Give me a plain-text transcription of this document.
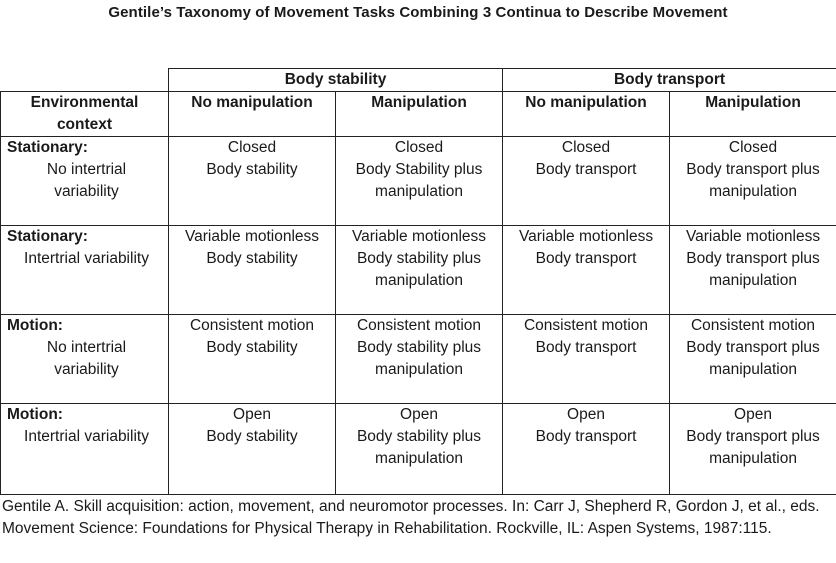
Gentile’s Taxonomy of Movement Tasks Combining 3 Continua to Describe Movement
	Body stability		Body transport	

Environmental
context	No manipulation	Manipulation	No manipulation	Manipulation

Stationary:
No intertrial
variability	Closed
Body stability	Closed
Body Stability plus
manipulation	Closed
Body transport	Closed
Body transport plus
manipulation

Stationary:
Intertrial variability	Variable motionless
Body stability	Variable motionless
Body stability plus
manipulation	Variable motionless
Body transport	Variable motionless
Body transport plus
manipulation

Motion:
No intertrial
variability	Consistent motion
Body stability	Consistent motion
Body stability plus
manipulation	Consistent motion
Body transport	Consistent motion
Body transport plus
manipulation

Motion:
Intertrial variability	Open
Body stability	Open
Body stability plus
manipulation	Open
Body transport	Open
Body transport plus
manipulation
Gentile A. Skill acquisition: action, movement, and neuromotor processes. In: Carr J, Shepherd R, Gordon J, et al., eds. Movement Science: Foundations for Physical Therapy in Rehabilitation. Rockville, IL: Aspen Systems, 1987:115.
